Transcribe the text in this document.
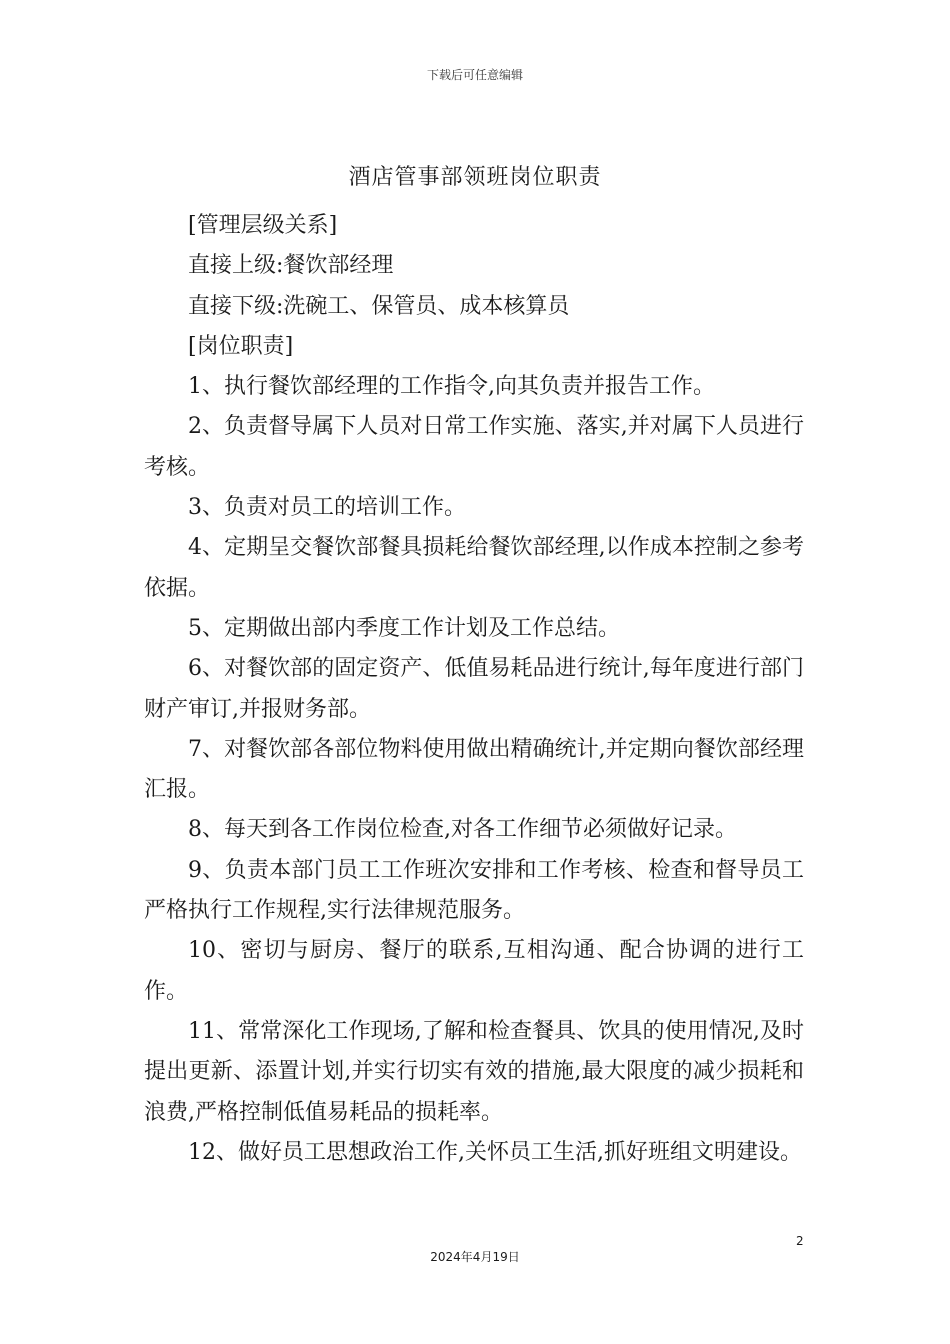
下载后可任意编辑
酒店管事部领班岗位职责

[管理层级关系]

直接上级:餐饮部经理

直接下级:洗碗工、保管员、成本核算员

[岗位职责]

1、执行餐饮部经理的工作指令,向其负责并报告工作。

2、负责督导属下人员对日常工作实施、落实,并对属下人员进行考核。

3、负责对员工的培训工作。

4、定期呈交餐饮部餐具损耗给餐饮部经理,以作成本控制之参考依据。

5、定期做出部内季度工作计划及工作总结。

6、对餐饮部的固定资产、低值易耗品进行统计,每年度进行部门财产审订,并报财务部。

7、对餐饮部各部位物料使用做出精确统计,并定期向餐饮部经理汇报。

8、每天到各工作岗位检查,对各工作细节必须做好记录。

9、负责本部门员工工作班次安排和工作考核、检查和督导员工严格执行工作规程,实行法律规范服务。

10、密切与厨房、餐厅的联系,互相沟通、配合协调的进行工作。

11、常常深化工作现场,了解和检查餐具、饮具的使用情况,及时提出更新、添置计划,并实行切实有效的措施,最大限度的减少损耗和浪费,严格控制低值易耗品的损耗率。

12、做好员工思想政治工作,关怀员工生活,抓好班组文明建设。

2
2024年4月19日
